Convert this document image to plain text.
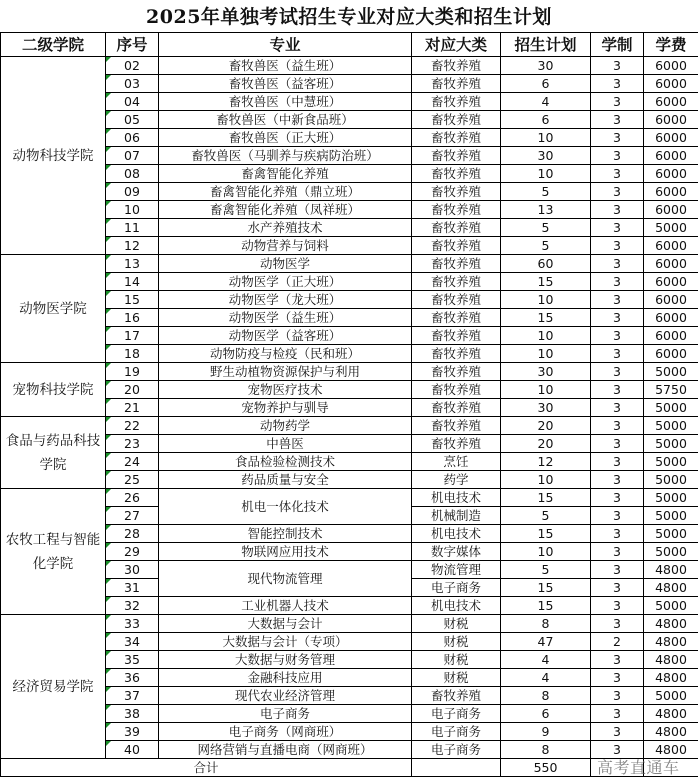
2025年单独考试招生专业对应大类和招生计划
二级学院	序号	专业	对应大类	招生计划	学制	学费
动物科技学院	02	畜牧兽医（益生班）	畜牧养殖	30	3	6000
	03	畜牧兽医（益客班）	畜牧养殖	6	3	6000
	04	畜牧兽医（中慧班）	畜牧养殖	4	3	6000
	05	畜牧兽医（中新食品班）	畜牧养殖	6	3	6000
	06	畜牧兽医（正大班）	畜牧养殖	10	3	6000
	07	畜牧兽医（马驯养与疾病防治班）	畜牧养殖	30	3	6000
	08	畜禽智能化养殖	畜牧养殖	10	3	6000
	09	畜禽智能化养殖（鼎立班）	畜牧养殖	5	3	6000
	10	畜禽智能化养殖（凤祥班）	畜牧养殖	13	3	6000
	11	水产养殖技术	畜牧养殖	5	3	5000
	12	动物营养与饲料	畜牧养殖	5	3	6000
动物医学院	13	动物医学	畜牧养殖	60	3	6000
	14	动物医学（正大班）	畜牧养殖	15	3	6000
	15	动物医学（龙大班）	畜牧养殖	10	3	6000
	16	动物医学（益生班）	畜牧养殖	15	3	6000
	17	动物医学（益客班）	畜牧养殖	10	3	6000
	18	动物防疫与检疫（民和班）	畜牧养殖	10	3	6000
宠物科技学院	19	野生动植物资源保护与利用	畜牧养殖	30	3	5000
	20	宠物医疗技术	畜牧养殖	10	3	5750
	21	宠物养护与驯导	畜牧养殖	30	3	5000
食品与药品科技学院	22	动物药学	畜牧养殖	20	3	5000
	23	中兽医	畜牧养殖	20	3	5000
	24	食品检验检测技术	烹饪	12	3	5000
	25	药品质量与安全	药学	10	3	5000
农牧工程与智能化学院	26	机电一体化技术	机电技术	15	3	5000
	27		机械制造	5	3	5000
	28	智能控制技术	机电技术	15	3	5000
	29	物联网应用技术	数字媒体	10	3	5000
	30	现代物流管理	物流管理	5	3	4800
	31		电子商务	15	3	4800
	32	工业机器人技术	机电技术	15	3	5000
经济贸易学院	33	大数据与会计	财税	8	3	4800
	34	大数据与会计（专项）	财税	47	2	4800
	35	大数据与财务管理	财税	4	3	4800
	36	金融科技应用	财税	4	3	4800
	37	现代农业经济管理	畜牧养殖	8	3	5000
	38	电子商务	电子商务	6	3	4800
	39	电子商务（网商班）	电子商务	9	3	4800
	40	网络营销与直播电商（网商班）	电子商务	8	3	4800
合计				550	高考直通车	
